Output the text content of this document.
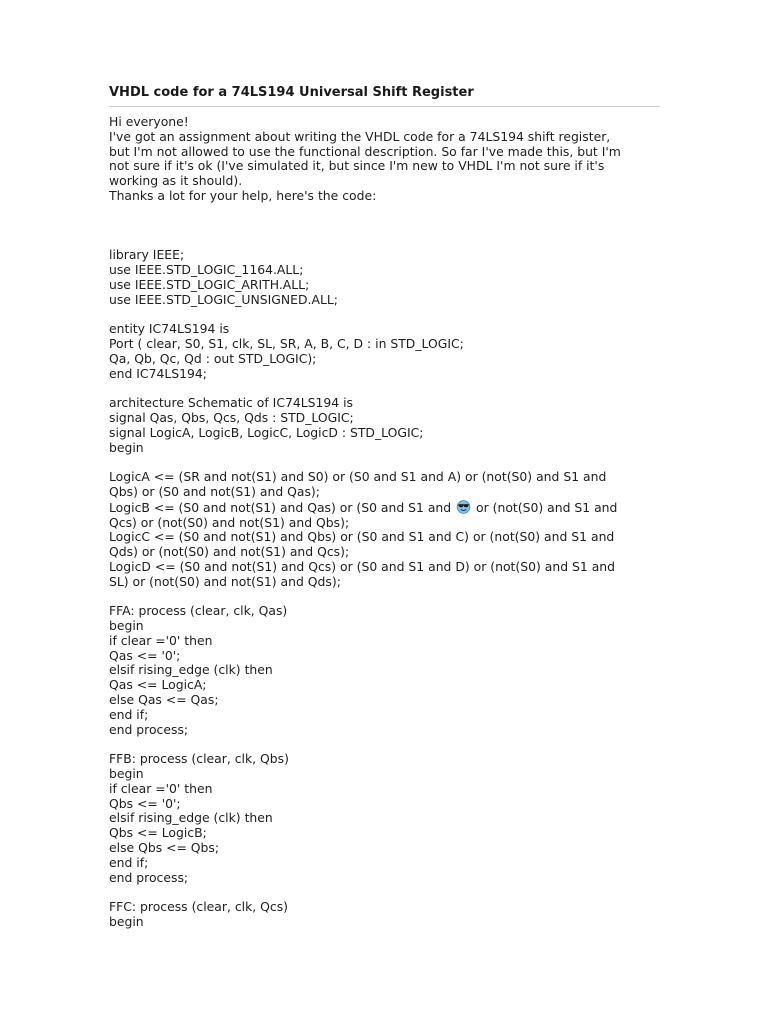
VHDL code for a 74LS194 Universal Shift Register
Hi everyone!
I've got an assignment about writing the VHDL code for a 74LS194 shift register,
but I'm not allowed to use the functional description. So far I've made this, but I'm
not sure if it's ok (I've simulated it, but since I'm new to VHDL I'm not sure if it's
working as it should).
Thanks a lot for your help, here's the code:
library IEEE;
use IEEE.STD_LOGIC_1164.ALL;
use IEEE.STD_LOGIC_ARITH.ALL;
use IEEE.STD_LOGIC_UNSIGNED.ALL;
entity IC74LS194 is
Port ( clear, S0, S1, clk, SL, SR, A, B, C, D : in STD_LOGIC;
Qa, Qb, Qc, Qd : out STD_LOGIC);
end IC74LS194;
architecture Schematic of IC74LS194 is
signal Qas, Qbs, Qcs, Qds : STD_LOGIC;
signal LogicA, LogicB, LogicC, LogicD : STD_LOGIC;
begin
LogicA <= (SR and not(S1) and S0) or (S0 and S1 and A) or (not(S0) and S1 and
Qbs) or (S0 and not(S1) and Qas);
LogicB <= (S0 and not(S1) and Qas) or (S0 and S1 and  or (not(S0) and S1 and
Qcs) or (not(S0) and not(S1) and Qbs);
LogicC <= (S0 and not(S1) and Qbs) or (S0 and S1 and C) or (not(S0) and S1 and
Qds) or (not(S0) and not(S1) and Qcs);
LogicD <= (S0 and not(S1) and Qcs) or (S0 and S1 and D) or (not(S0) and S1 and
SL) or (not(S0) and not(S1) and Qds);
FFA: process (clear, clk, Qas)
begin
if clear ='0' then
Qas <= '0';
elsif rising_edge (clk) then
Qas <= LogicA;
else Qas <= Qas;
end if;
end process;
FFB: process (clear, clk, Qbs)
begin
if clear ='0' then
Qbs <= '0';
elsif rising_edge (clk) then
Qbs <= LogicB;
else Qbs <= Qbs;
end if;
end process;
FFC: process (clear, clk, Qcs)
begin
